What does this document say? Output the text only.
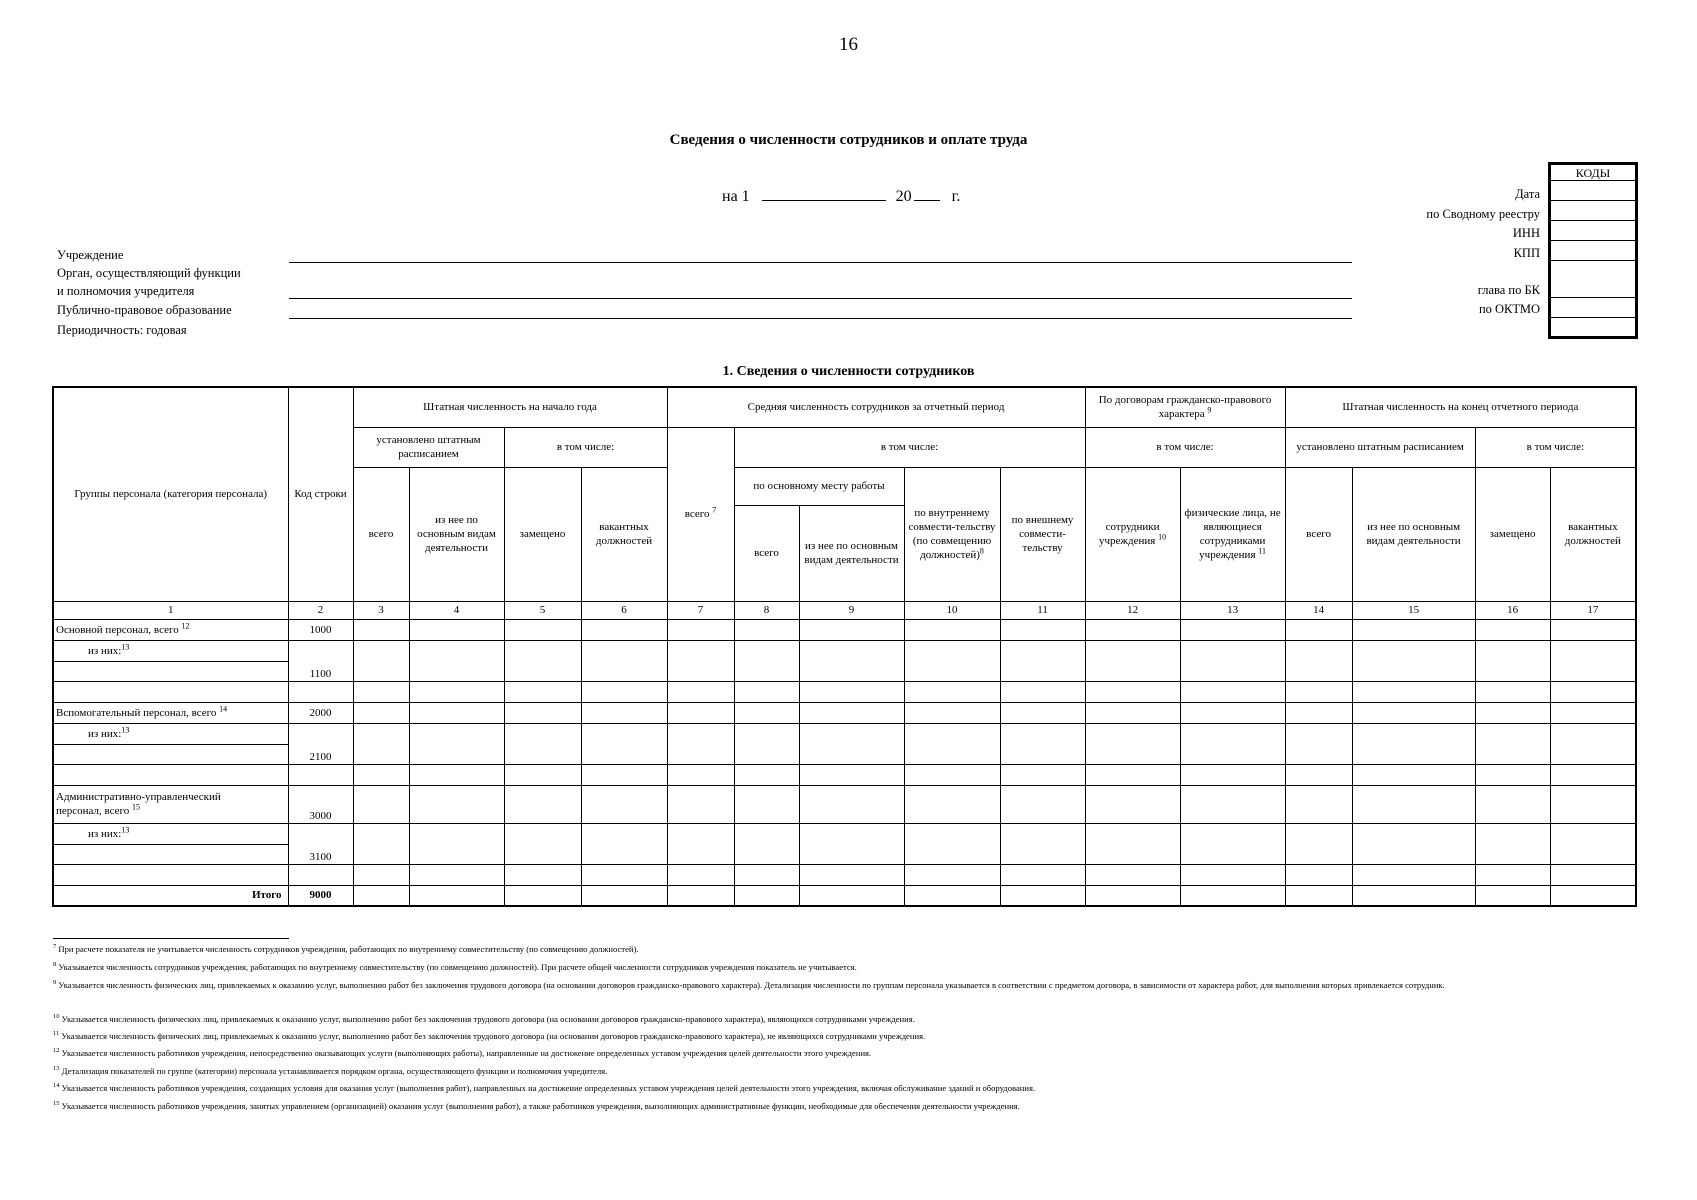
16
Сведения о численности сотрудников и оплате труда
на 1	20	г.
Учреждение
Орган, осуществляющий функции
и полномочия учредителя
Публично-правовое образование
Периодичность: годовая
Дата
по Сводному реестру
ИНН
КПП
глава по БК
по ОКТМО
КОДЫ

1. Сведения о численности сотрудников
Группы персонала (категория персонала)	Код строки	Штатная численность на начало года				Средняя численность сотрудников за отчетный период					По договорам гражданско-правового характера $^9$		Штатная численность на конец отчетного периода			
		установлено штатным расписанием		в том числе:		всего $^7$	в том числе:				в том числе:		установлено штатным расписанием		в том числе:	
		всего	из нее по основным видам деятельности	замещено	вакантных должностей		по основному месту работы		по внутреннему совмести-тельству (по совмещению должностей)$^8$	по внешнему совмести-тельству	сотрудники учреждения $^{10}$	физические лица, не являющиеся сотрудниками учреждения $^{11}$	всего	из нее по основным видам деятельности	замещено	вакантных должностей
							всего	из нее по основным видам деятельности								
1	2	3	4	5	6	7	8	9	10	11	12	13	14	15	16	17
Основной персонал, всего $^{12}$	1000															
из них:$^{13}$	1100															

Вспомогательный персонал, всего $^{14}$	2000															
из них:$^{13}$	2100															

Административно-управленческий
персонал, всего $^{15}$	3000															
из них:$^{13}$	3100															

Итого	9000															
$^7$ При расчете показателя не учитывается численность сотрудников учреждения, работающих по внутреннему совместительству (по совмещению должностей).
$^8$ Указывается численность сотрудников учреждения, работающих по внутреннему совместительству (по совмещению должностей). При расчете общей численности сотрудников учреждения показатель не учитывается.
$^9$ Указывается численность физических лиц, привлекаемых к оказанию услуг, выполнению работ без заключения трудового договора (на основании договоров гражданско-правового характера). Детализация численности по группам персонала указывается в соответствии с предметом договора, в зависимости от характера работ, для выполнения которых привлекается сотрудник.
$^{10}$ Указывается численность физических лиц, привлекаемых к оказанию услуг, выполнению работ без заключения трудового договора (на основании договоров гражданско-правового характера), являющихся сотрудниками учреждения.
$^{11}$ Указывается численность физических лиц, привлекаемых к оказанию услуг, выполнению работ без заключения трудового договора (на основании договоров гражданско-правового характера), не являющихся сотрудниками учреждения.
$^{12}$ Указывается численность работников учреждения, непосредственно оказывающих услуги (выполняющих работы), направленные на достижение определенных уставом учреждения целей деятельности этого учреждения.
$^{13}$ Детализация показателей по группе (категории) персонала устанавливается порядком органа, осуществляющего функции и полномочия учредителя.
$^{14}$ Указывается численность работников учреждения, создающих условия для оказания услуг (выполнения работ), направленных на достижение определенных уставом учреждения целей деятельности этого учреждения, включая обслуживание зданий и оборудования.
$^{15}$ Указывается численность работников учреждения, занятых управлением (организацией) оказания услуг (выполнения работ), а также работников учреждения, выполняющих административные функции, необходимые для обеспечения деятельности учреждения.
